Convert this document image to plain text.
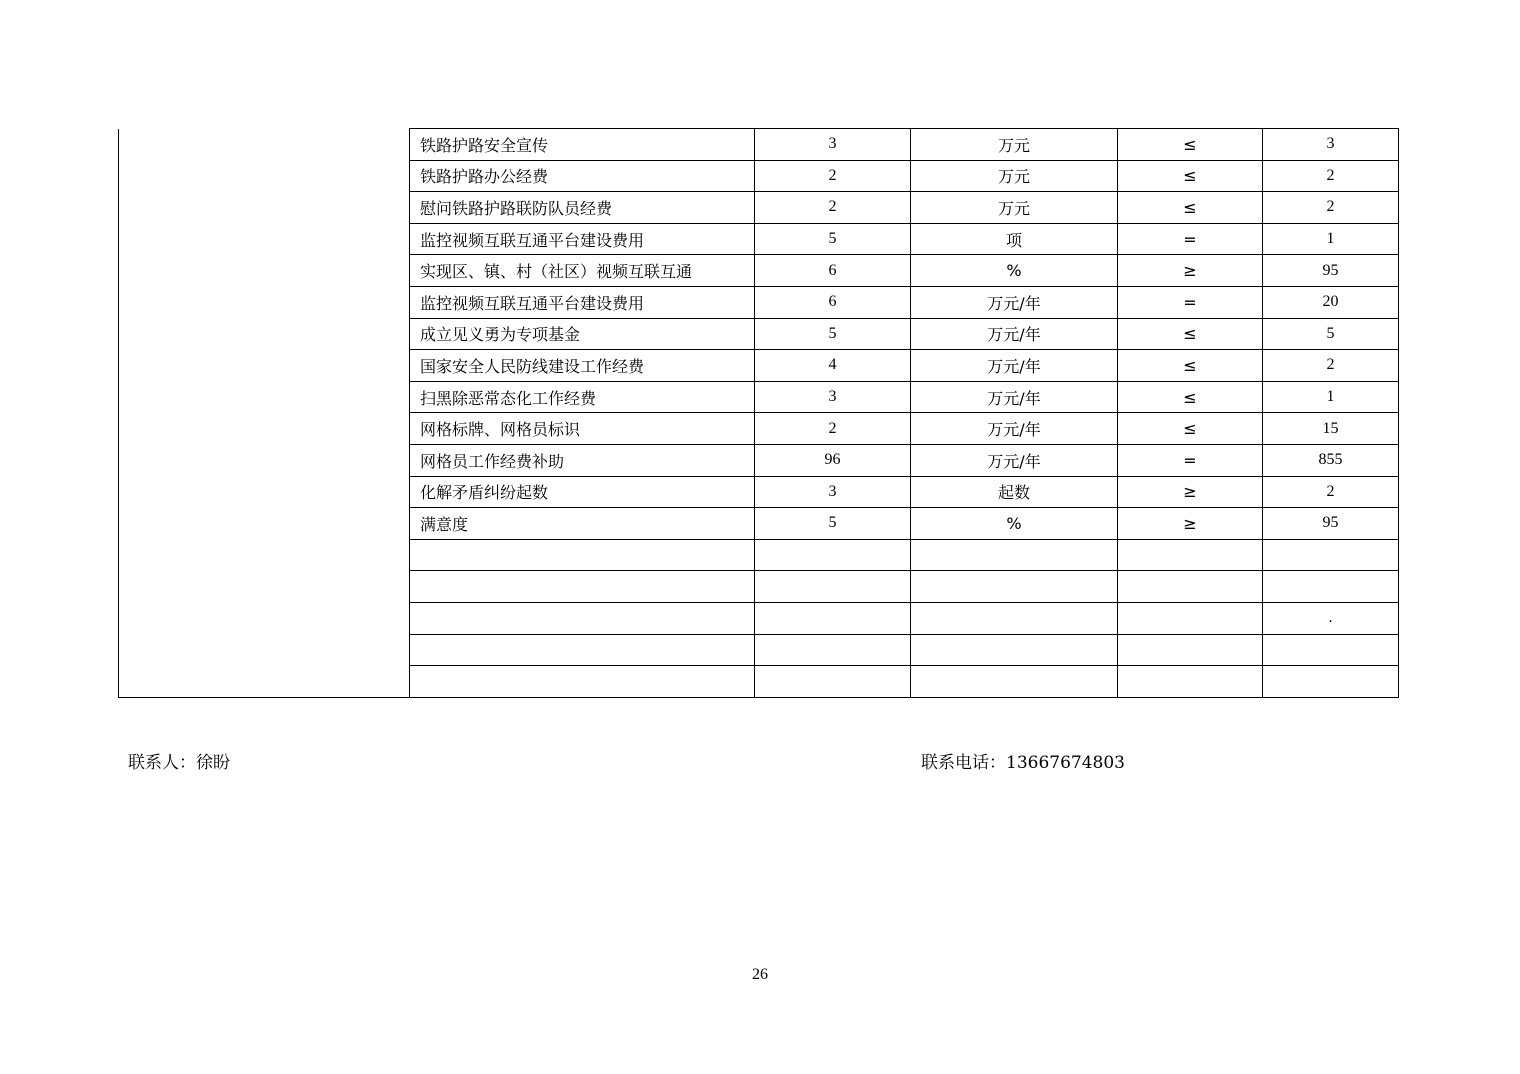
	铁路护路安全宣传	3	万元	≤	3
	铁路护路办公经费	2	万元	≤	2
	慰问铁路护路联防队员经费	2	万元	≤	2
	监控视频互联互通平台建设费用	5	项	=	1
	实现区、镇、村（社区）视频互联互通	6	%	≥	95
	监控视频互联互通平台建设费用	6	万元/年	=	20
	成立见义勇为专项基金	5	万元/年	≤	5
	国家安全人民防线建设工作经费	4	万元/年	≤	2
	扫黑除恶常态化工作经费	3	万元/年	≤	1
	网格标牌、网格员标识	2	万元/年	≤	15
	网格员工作经费补助	96	万元/年	=	855
	化解矛盾纠纷起数	3	起数	≥	2
	满意度	5	%	≥	95

					.

联系人：徐盼	联系电话：13667674803
26
